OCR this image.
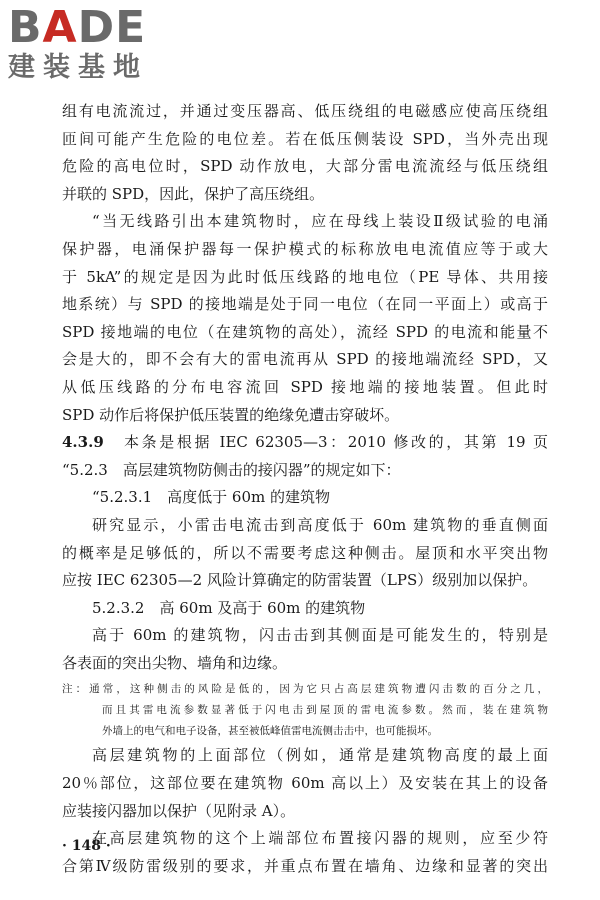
BADE
建装基地
组有电流流过，并通过变压器高、低压绕组的电磁感应使高压绕组
匝间可能产生危险的电位差。若在低压侧装设 SPD，当外壳出现
危险的高电位时，SPD 动作放电，大部分雷电流流经与低压绕组
并联的 SPD，因此，保护了高压绕组。
“当无线路引出本建筑物时，应在母线上装设Ⅱ级试验的电涌
保护器，电涌保护器每一保护模式的标称放电电流值应等于或大
于 5kA”的规定是因为此时低压线路的地电位（PE 导体、共用接
地系统）与 SPD 的接地端是处于同一电位（在同一平面上）或高于
SPD 接地端的电位（在建筑物的高处），流经 SPD 的电流和能量不
会是大的，即不会有大的雷电流再从 SPD 的接地端流经 SPD，又
从低压线路的分布电容流回 SPD 接地端的接地装置。但此时
SPD 动作后将保护低压装置的绝缘免遭击穿破坏。
4.3.9　 本条是根据 IEC 62305—3：2010 修改的，其第 19 页
“5.2.3　高层建筑物防侧击的接闪器”的规定如下：
“5.2.3.1　高度低于 60m 的建筑物
研究显示，小雷击电流击到高度低于 60m 建筑物的垂直侧面
的概率是足够低的，所以不需要考虑这种侧击。屋顶和水平突出物
应按 IEC 62305—2 风险计算确定的防雷装置（LPS）级别加以保护。
5.2.3.2　高 60m 及高于 60m 的建筑物
高于 60m 的建筑物，闪击击到其侧面是可能发生的，特别是
各表面的突出尖物、墙角和边缘。
注：通常，这种侧击的风险是低的，因为它只占高层建筑物遭闪击数的百分之几，
而且其雷电流参数显著低于闪电击到屋顶的雷电流参数。然而，装在建筑物
外墙上的电气和电子设备，甚至被低峰值雷电流侧击击中，也可能损坏。
高层建筑物的上面部位（例如，通常是建筑物高度的最上面
20％部位，这部位要在建筑物 60m 高以上）及安装在其上的设备
应装接闪器加以保护（见附录 A）。
在高层建筑物的这个上端部位布置接闪器的规则，应至少符
合第Ⅳ级防雷级别的要求，并重点布置在墙角、边缘和显著的突出
· 148 ·
